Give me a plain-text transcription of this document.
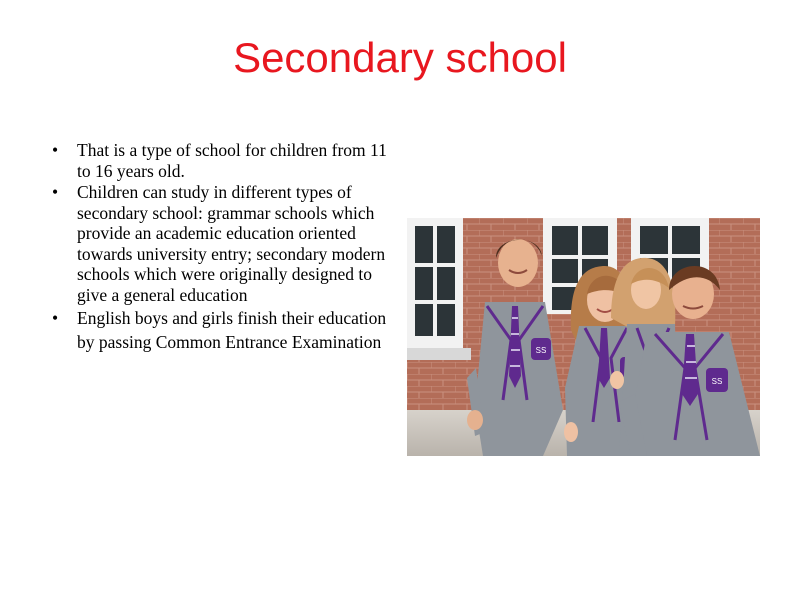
Secondary school
• That is a type of school for children from 11 to 16 years old.
• Children can study in different types of secondary school: grammar schools which provide an academic education oriented towards university entry; secondary modern schools which were originally designed to give a general education
• English boys and girls finish their education by passing Common Entrance Examination	SS
SS
